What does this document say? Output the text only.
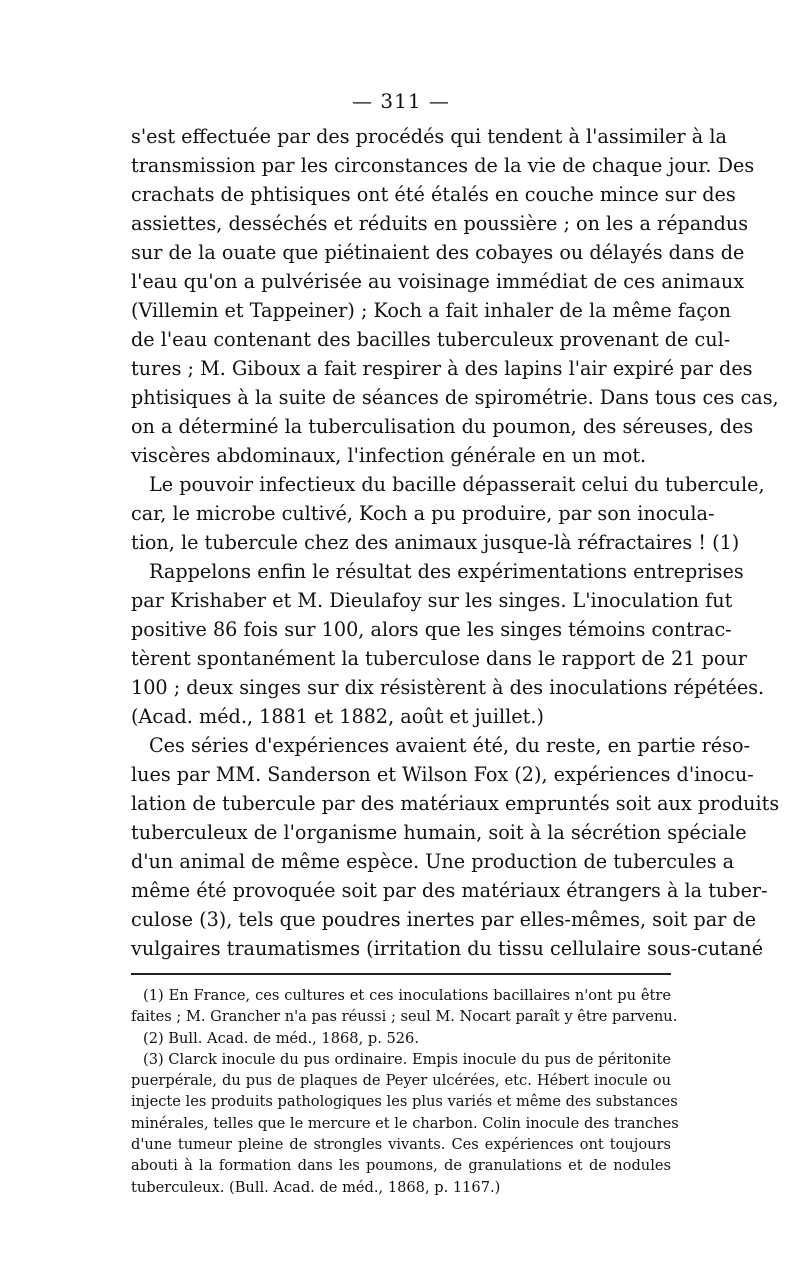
— 311 —
s'est effectuée par des procédés qui tendent à l'assimiler à la
transmission par les circonstances de la vie de chaque jour. Des
crachats de phtisiques ont été étalés en couche mince sur des
assiettes, desséchés et réduits en poussière ; on les a répandus
sur de la ouate que piétinaient des cobayes ou délayés dans de
l'eau qu'on a pulvérisée au voisinage immédiat de ces animaux
(Villemin et Tappeiner) ; Koch a fait inhaler de la même façon
de l'eau contenant des bacilles tuberculeux provenant de cul-
tures ; M. Giboux a fait respirer à des lapins l'air expiré par des
phtisiques à la suite de séances de spirométrie. Dans tous ces cas,
on a déterminé la tuberculisation du poumon, des séreuses, des
viscères abdominaux, l'infection générale en un mot.
Le pouvoir infectieux du bacille dépasserait celui du tubercule,
car, le microbe cultivé, Koch a pu produire, par son inocula-
tion, le tubercule chez des animaux jusque-là réfractaires ! (1)
Rappelons enfin le résultat des expérimentations entreprises
par Krishaber et M. Dieulafoy sur les singes. L'inoculation fut
positive 86 fois sur 100, alors que les singes témoins contrac-
tèrent spontanément la tuberculose dans le rapport de 21 pour
100 ; deux singes sur dix résistèrent à des inoculations répétées.
(Acad. méd., 1881 et 1882, août et juillet.)
Ces séries d'expériences avaient été, du reste, en partie réso-
lues par MM. Sanderson et Wilson Fox (2), expériences d'inocu-
lation de tubercule par des matériaux empruntés soit aux produits
tuberculeux de l'organisme humain, soit à la sécrétion spéciale
d'un animal de même espèce. Une production de tubercules a
même été provoquée soit par des matériaux étrangers à la tuber-
culose (3), tels que poudres inertes par elles-mêmes, soit par de
vulgaires traumatismes (irritation du tissu cellulaire sous-cutané
(1) En France, ces cultures et ces inoculations bacillaires n'ont pu être
faites ; M. Grancher n'a pas réussi ; seul M. Nocart paraît y être parvenu.
(2) Bull. Acad. de méd., 1868, p. 526.
(3) Clarck inocule du pus ordinaire. Empis inocule du pus de péritonite
puerpérale, du pus de plaques de Peyer ulcérées, etc. Hébert inocule ou
injecte les produits pathologiques les plus variés et même des substances
minérales, telles que le mercure et le charbon. Colin inocule des tranches
d'une tumeur pleine de strongles vivants. Ces expériences ont toujours
abouti à la formation dans les poumons, de granulations et de nodules
tuberculeux. (Bull. Acad. de méd., 1868, p. 1167.)
